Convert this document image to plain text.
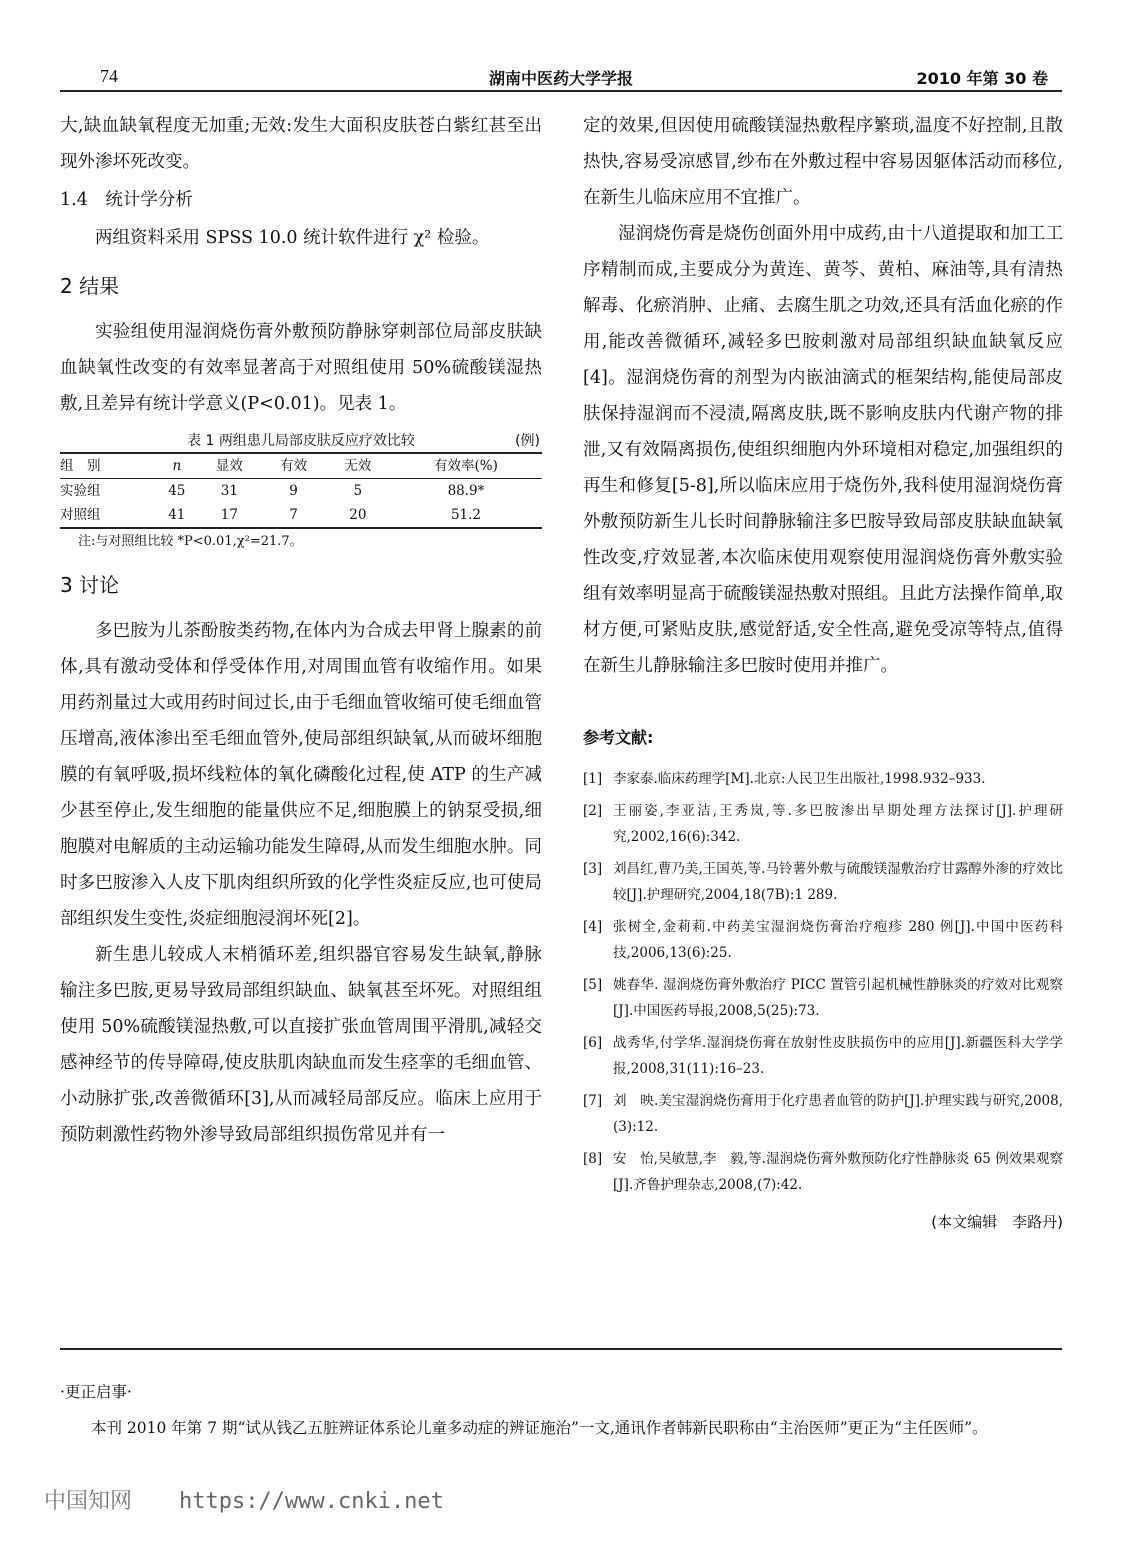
74	湖南中医药大学学报	2010 年第 30 卷

大,缺血缺氧程度无加重;无效:发生大面积皮肤苍白紫红甚至出现外渗坏死改变。

1.4　统计学分析

两组资料采用 SPSS 10.0 统计软件进行 χ² 检验。

2 结果

实验组使用湿润烧伤膏外敷预防静脉穿刺部位局部皮肤缺血缺氧性改变的有效率显著高于对照组使用 50%硫酸镁湿热敷,且差异有统计学意义(P<0.01)。见表 1。

表 1 两组患儿局部皮肤反应疗效比较	(例)
组　别	n	显效	有效	无效	有效率(%)
实验组	45	31	9	5	88.9*
对照组	41	17	7	20	51.2
注:与对照组比较 *P<0.01,χ²=21.7。
3 讨论

多巴胺为儿茶酚胺类药物,在体内为合成去甲肾上腺素的前体,具有激动受体和俘受体作用,对周围血管有收缩作用。如果用药剂量过大或用药时间过长,由于毛细血管收缩可使毛细血管压增高,液体渗出至毛细血管外,使局部组织缺氧,从而破坏细胞膜的有氧呼吸,损坏线粒体的氧化磷酸化过程,使 ATP 的生产减少甚至停止,发生细胞的能量供应不足,细胞膜上的钠泵受损,细胞膜对电解质的主动运输功能发生障碍,从而发生细胞水肿。同时多巴胺渗入人皮下肌肉组织所致的化学性炎症反应,也可使局部组织发生变性,炎症细胞浸润坏死[2]。

新生患儿较成人末梢循环差,组织器官容易发生缺氧,静脉输注多巴胺,更易导致局部组织缺血、缺氧甚至坏死。对照组组使用 50%硫酸镁湿热敷,可以直接扩张血管周围平滑肌,减轻交感神经节的传导障碍,使皮肤肌肉缺血而发生痉挛的毛细血管、小动脉扩张,改善微循环[3],从而减轻局部反应。临床上应用于预防刺激性药物外渗导致局部组织损伤常见并有一

定的效果,但因使用硫酸镁湿热敷程序繁琐,温度不好控制,且散热快,容易受凉感冒,纱布在外敷过程中容易因躯体活动而移位,在新生儿临床应用不宜推广。

湿润烧伤膏是烧伤创面外用中成药,由十八道提取和加工工序精制而成,主要成分为黄连、黄芩、黄柏、麻油等,具有清热解毒、化瘀消肿、止痛、去腐生肌之功效,还具有活血化瘀的作用,能改善微循环,减轻多巴胺刺激对局部组织缺血缺氧反应[4]。湿润烧伤膏的剂型为内嵌油滴式的框架结构,能使局部皮肤保持湿润而不浸渍,隔离皮肤,既不影响皮肤内代谢产物的排泄,又有效隔离损伤,使组织细胞内外环境相对稳定,加强组织的再生和修复[5-8],所以临床应用于烧伤外,我科使用湿润烧伤膏外敷预防新生儿长时间静脉输注多巴胺导致局部皮肤缺血缺氧性改变,疗效显著,本次临床使用观察使用湿润烧伤膏外敷实验组有效率明显高于硫酸镁湿热敷对照组。且此方法操作简单,取材方便,可紧贴皮肤,感觉舒适,安全性高,避免受凉等特点,值得在新生儿静脉输注多巴胺时使用并推广。

参考文献:
[1] 李家泰.临床药理学[M].北京:人民卫生出版社,1998.932–933.
[2] 王丽姿,李亚洁,王秀岚,等.多巴胺渗出早期处理方法探讨[J].护理研究,2002,16(6):342.
[3] 刘昌红,曹乃美,王国英,等.马铃薯外敷与硫酸镁湿敷治疗甘露醇外渗的疗效比较[J].护理研究,2004,18(7B):1 289.
[4] 张树全,金莉莉.中药美宝湿润烧伤膏治疗疱疹 280 例[J].中国中医药科技,2006,13(6):25.
[5] 姚春华. 湿润烧伤膏外敷治疗 PICC 置管引起机械性静脉炎的疗效对比观察[J].中国医药导报,2008,5(25):73.
[6] 战秀华,付学华.湿润烧伤膏在放射性皮肤损伤中的应用[J].新疆医科大学学报,2008,31(11):16–23.
[7] 刘　映.美宝湿润烧伤膏用于化疗患者血管的防护[J].护理实践与研究,2008,(3):12.
[8] 安　怡,吴敏慧,李　毅,等.湿润烧伤膏外敷预防化疗性静脉炎 65 例效果观察[J].齐鲁护理杂志,2008,(7):42.
(本文编辑　李路丹)
·更正启事·

本刊 2010 年第 7 期“试从钱乙五脏辨证体系论儿童多动症的辨证施治”一文,通讯作者韩新民职称由“主治医师”更正为“主任医师”。

中国知网 https://www.cnki.net
